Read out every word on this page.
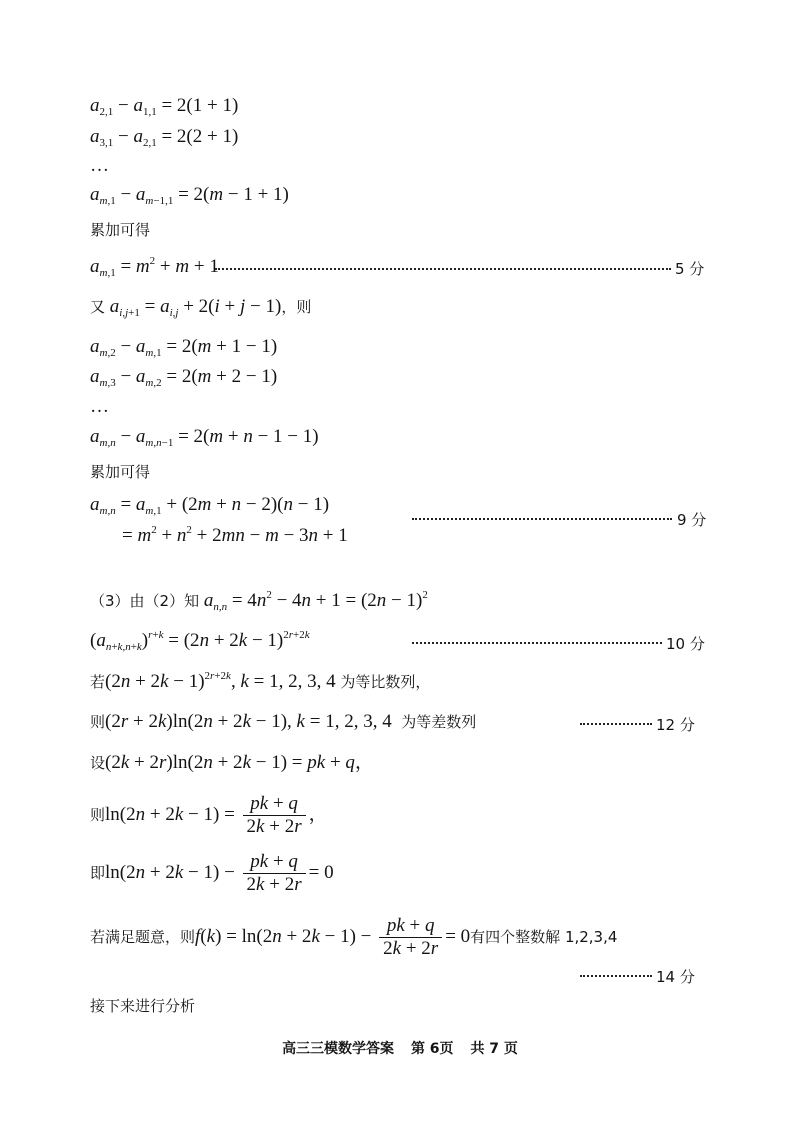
$a_{2,1} - a_{1,1} = 2(1 + 1)$
$a_{3,1} - a_{2,1} = 2(2 + 1)$
…
$a_{m,1} - a_{m-1,1} = 2(m - 1 + 1)$
累加可得
$a_{m,1} = m^2 + m + 1$	5 分
又 $a_{i,j+1} = a_{i,j} + 2(i + j - 1)$，则
$a_{m,2} - a_{m,1} = 2(m + 1 - 1)$
$a_{m,3} - a_{m,2} = 2(m + 2 - 1)$
…
$a_{m,n} - a_{m,n-1} = 2(m + n - 1 - 1)$
累加可得
$a_{m,n} = a_{m,1} + (2m + n - 2)(n - 1)$
= $m^2 + n^2 + 2mn - m - 3n + 1$
9 分
（3）由（2）知 $a_{n,n} = 4n^2 - 4n + 1 = (2n - 1)^2$
$(a_{n+k,n+k})^{r+k} = (2n + 2k - 1)^{2r+2k}$	10 分
若$(2n + 2k - 1)^{2r+2k}$, k = 1, 2, 3, 4 为等比数列，
则(2r + 2k)ln(2n + 2k − 1), k = 1, 2, 3, 4  为等差数列	12 分
设(2k + 2r)ln(2n + 2k − 1) = pk + q，
则$\ln(2n + 2k - 1) = \frac{pk + q}{2k + 2r}$ ，
即$\ln(2n + 2k - 1) - \frac{pk + q}{2k + 2r} = 0$
若满足题意，则$f(k) = \ln(2n + 2k - 1) - \frac{pk + q}{2k + 2r} = 0$有四个整数解 1,2,3,4
14 分
接下来进行分析
高三三模数学答案 第 6页 共 7 页
